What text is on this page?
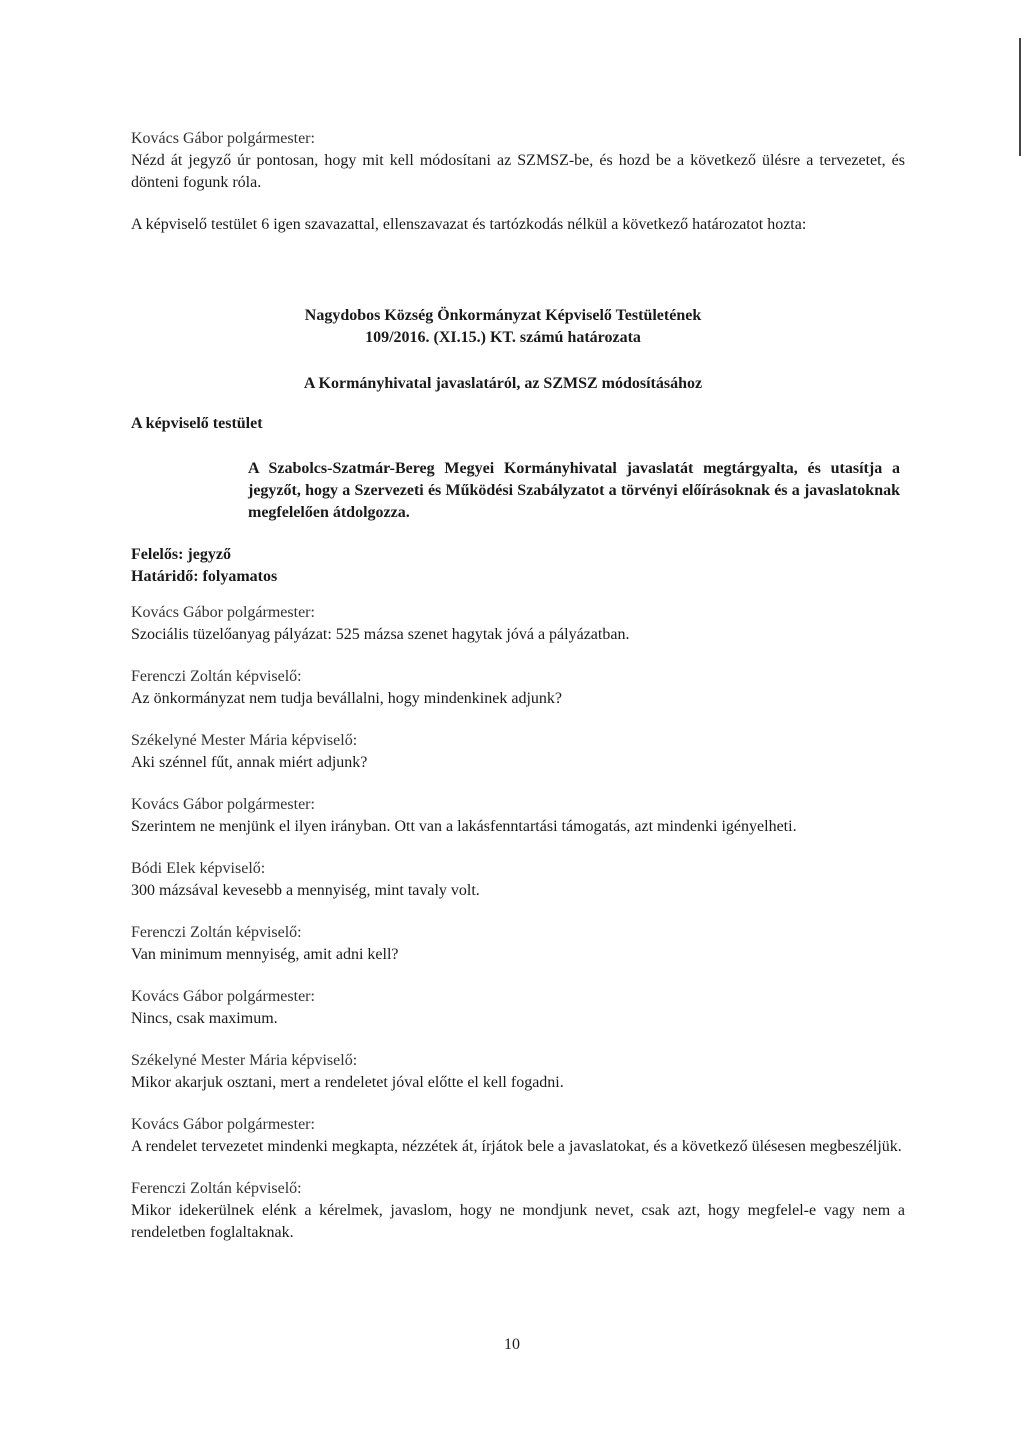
Kovács Gábor polgármester:
Nézd át jegyző úr pontosan, hogy mit kell módosítani az SZMSZ-be, és hozd be a következő ülésre a tervezetet, és dönteni fogunk róla.
A képviselő testület 6 igen szavazattal, ellenszavazat és tartózkodás nélkül a következő határozatot hozta:
Nagydobos Község Önkormányzat Képviselő Testületének
109/2016. (XI.15.) KT. számú határozata
A Kormányhivatal javaslatáról, az SZMSZ módosításához
A képviselő testület
A Szabolcs-Szatmár-Bereg Megyei Kormányhivatal javaslatát megtárgyalta, és utasítja a jegyzőt, hogy a Szervezeti és Működési Szabályzatot a törvényi előírásoknak és a javaslatoknak megfelelően átdolgozza.
Felelős: jegyző
Határidő: folyamatos
Kovács Gábor polgármester:
Szociális tüzelőanyag pályázat: 525 mázsa szenet hagytak jóvá a pályázatban.
Ferenczi Zoltán képviselő:
Az önkormányzat nem tudja bevállalni, hogy mindenkinek adjunk?
Székelyné Mester Mária képviselő:
Aki szénnel fűt, annak miért adjunk?
Kovács Gábor polgármester:
Szerintem ne menjünk el ilyen irányban. Ott van a lakásfenntartási támogatás, azt mindenki igényelheti.
Bódi Elek képviselő:
300 mázsával kevesebb a mennyiség, mint tavaly volt.
Ferenczi Zoltán képviselő:
Van minimum mennyiség, amit adni kell?
Kovács Gábor polgármester:
Nincs, csak maximum.
Székelyné Mester Mária képviselő:
Mikor akarjuk osztani, mert a rendeletet jóval előtte el kell fogadni.
Kovács Gábor polgármester:
A rendelet tervezetet mindenki megkapta, nézzétek át, írjátok bele a javaslatokat, és a következő ülésesen megbeszéljük.
Ferenczi Zoltán képviselő:
Mikor idekerülnek elénk a kérelmek, javaslom, hogy ne mondjunk nevet, csak azt, hogy megfelel-e vagy nem a rendeletben foglaltaknak.
10
